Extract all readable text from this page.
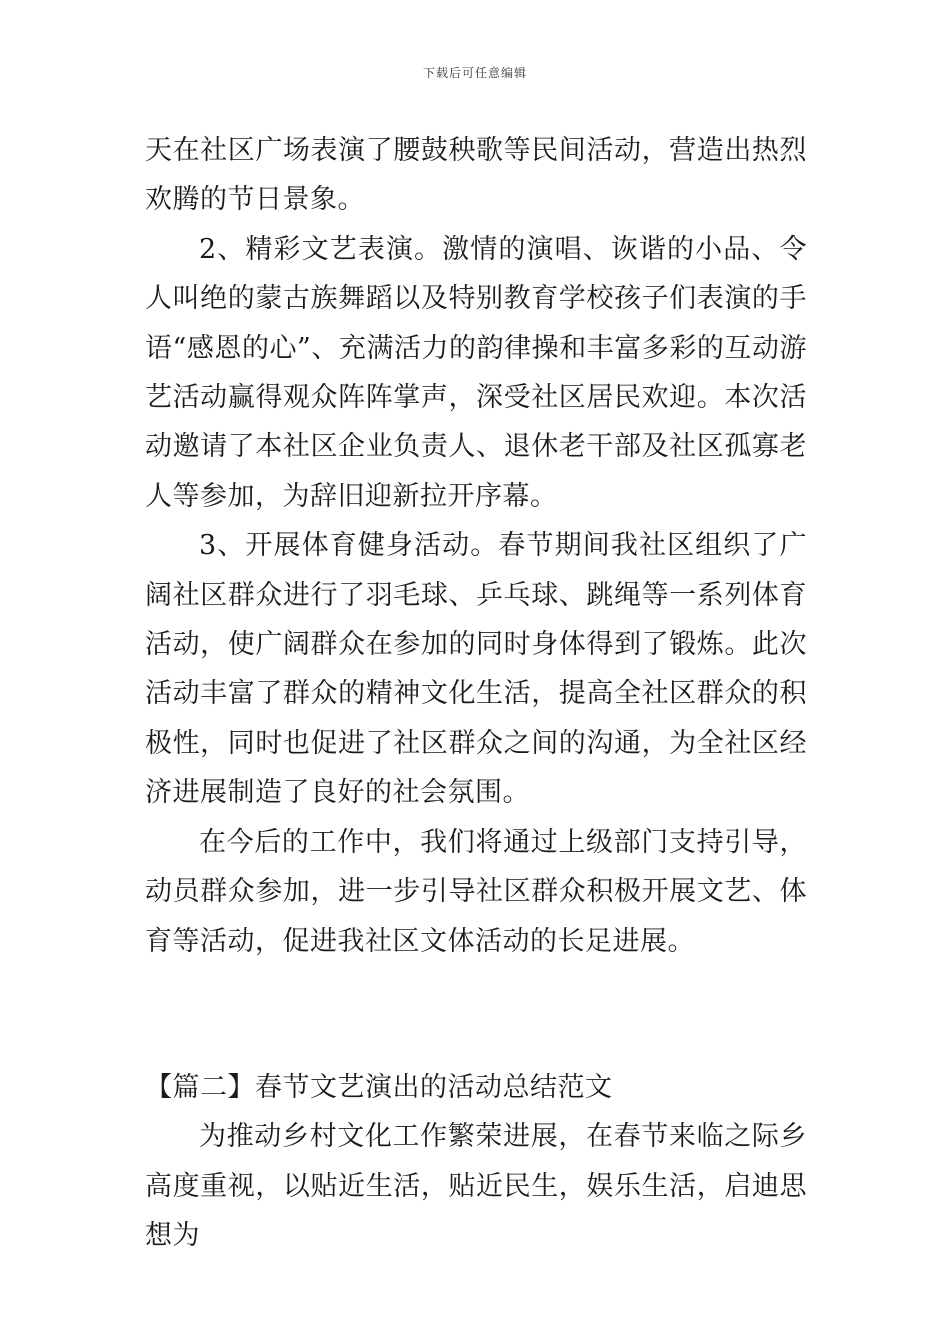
下载后可任意编辑

天在社区广场表演了腰鼓秧歌等民间活动，营造出热烈欢腾的节日景象。

2、精彩文艺表演。激情的演唱、诙谐的小品、令人叫绝的蒙古族舞蹈以及特别教育学校孩子们表演的手语“感恩的心”、充满活力的韵律操和丰富多彩的互动游艺活动赢得观众阵阵掌声，深受社区居民欢迎。本次活动邀请了本社区企业负责人、退休老干部及社区孤寡老人等参加，为辞旧迎新拉开序幕。

3、开展体育健身活动。春节期间我社区组织了广阔社区群众进行了羽毛球、乒乓球、跳绳等一系列体育活动，使广阔群众在参加的同时身体得到了锻炼。此次活动丰富了群众的精神文化生活，提高全社区群众的积极性，同时也促进了社区群众之间的沟通，为全社区经济进展制造了良好的社会氛围。

在今后的工作中，我们将通过上级部门支持引导，动员群众参加，进一步引导社区群众积极开展文艺、体育等活动，促进我社区文体活动的长足进展。

【篇二】春节文艺演出的活动总结范文

为推动乡村文化工作繁荣进展，在春节来临之际乡高度重视，以贴近生活，贴近民生，娱乐生活，启迪思想为
